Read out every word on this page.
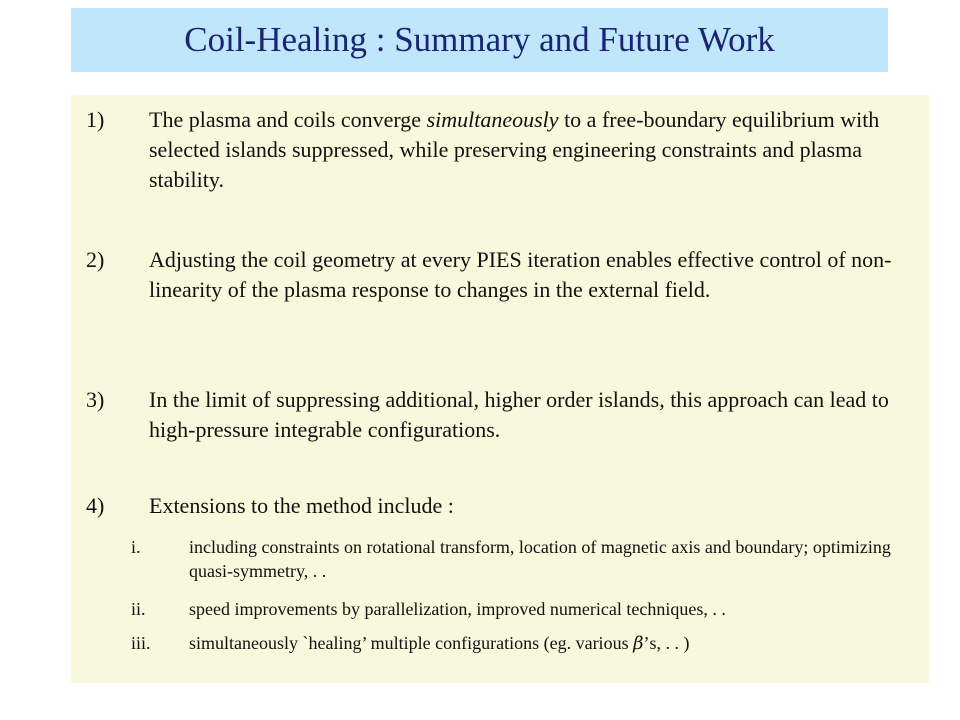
Coil-Healing : Summary and Future Work
1) The plasma and coils converge simultaneously to a free-boundary equilibrium with selected islands suppressed, while preserving engineering constraints and plasma stability.
2) Adjusting the coil geometry at every PIES iteration enables effective control of non-linearity of the plasma response to changes in the external field.
3) In the limit of suppressing additional, higher order islands, this approach can lead to high-pressure integrable configurations.
4) Extensions to the method include :
i.	including constraints on rotational transform, location of magnetic axis and boundary; optimizing quasi-symmetry, . .
ii. speed improvements by parallelization, improved numerical techniques, . .
iii. simultaneously `healing’ multiple configurations (eg. various β’s, . . )
